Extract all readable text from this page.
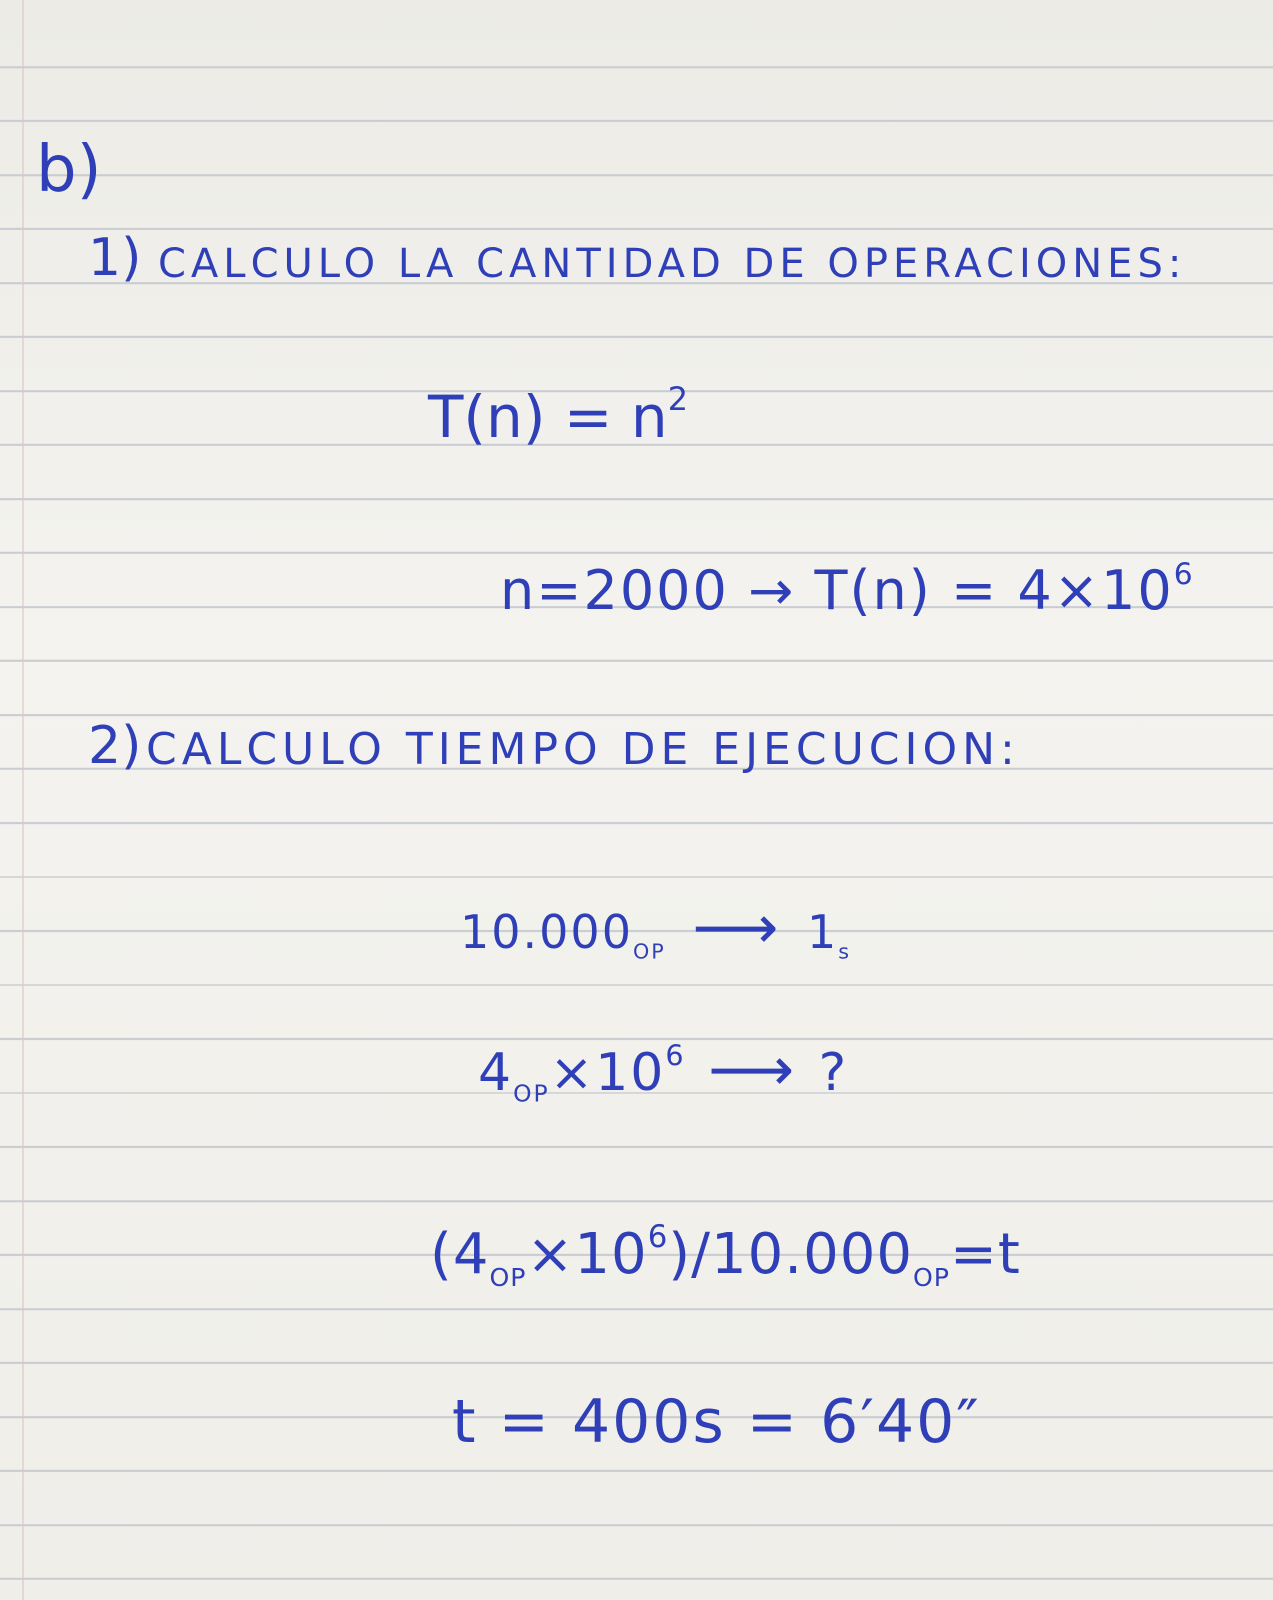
b)
1) CALCULO LA CANTIDAD DE OPERACIONES:
$T(n) = n^2$
$n=2000 \to T(n) = 4\times 10^6$
2) CALCULO TIEMPO DE EJECUCION:
$10.000_{OP}$ ⟶ $1_s$
$4_{OP}\times 10^6$ ⟶ ?
$(4_{OP}\times 10^6)/10.000_{OP}=t$
t = 400s = 6′40″
